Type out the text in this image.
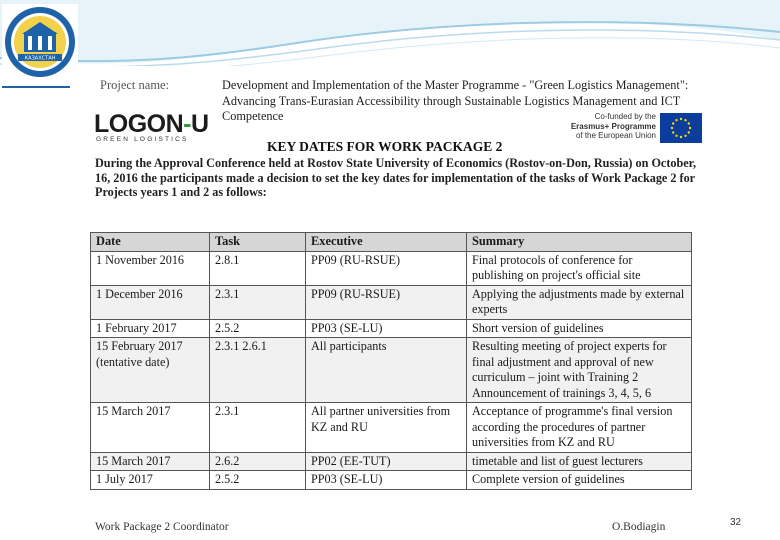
КАЗАХСТАН
Project name:	Development and Implementation of the Master Programme - "Green Logistics Management": Advancing Trans-Eurasian Accessibility through Sustainable Logistics Management and ICT Competence
LOGON-U
GREEN LOGISTICS
Co-funded by the
Erasmus+ Programme
of the European Union
KEY DATES FOR WORK PACKAGE 2
During the Approval Conference held at Rostov State University of Economics (Rostov-on-Don, Russia) on October, 16, 2016 the participants made a decision to set the key dates for implementation of the tasks of Work Package 2 for Projects years 1 and 2 as follows:
Date	Task	Executive	Summary
1 November 2016	2.8.1	PP09 (RU-RSUE)	Final protocols of conference for publishing on project's official site
1 December 2016	2.3.1	PP09 (RU-RSUE)	Applying the adjustments made by external experts
1 February 2017	2.5.2	PP03 (SE-LU)	Short version of guidelines
15 February 2017 (tentative date)	2.3.1 2.6.1	All participants	Resulting meeting of project experts for final adjustment and approval of new curriculum – joint with Training 2 Announcement of trainings 3, 4, 5, 6
15 March 2017	2.3.1	All partner universities from KZ and RU	Acceptance of programme's final version according the procedures of partner universities from KZ and RU
15 March 2017	2.6.2	PP02 (EE-TUT)	timetable and list of guest lecturers
1 July 2017	2.5.2	PP03 (SE-LU)	Complete version of guidelines
Work Package 2 Coordinator	O.Bodiagin	32
